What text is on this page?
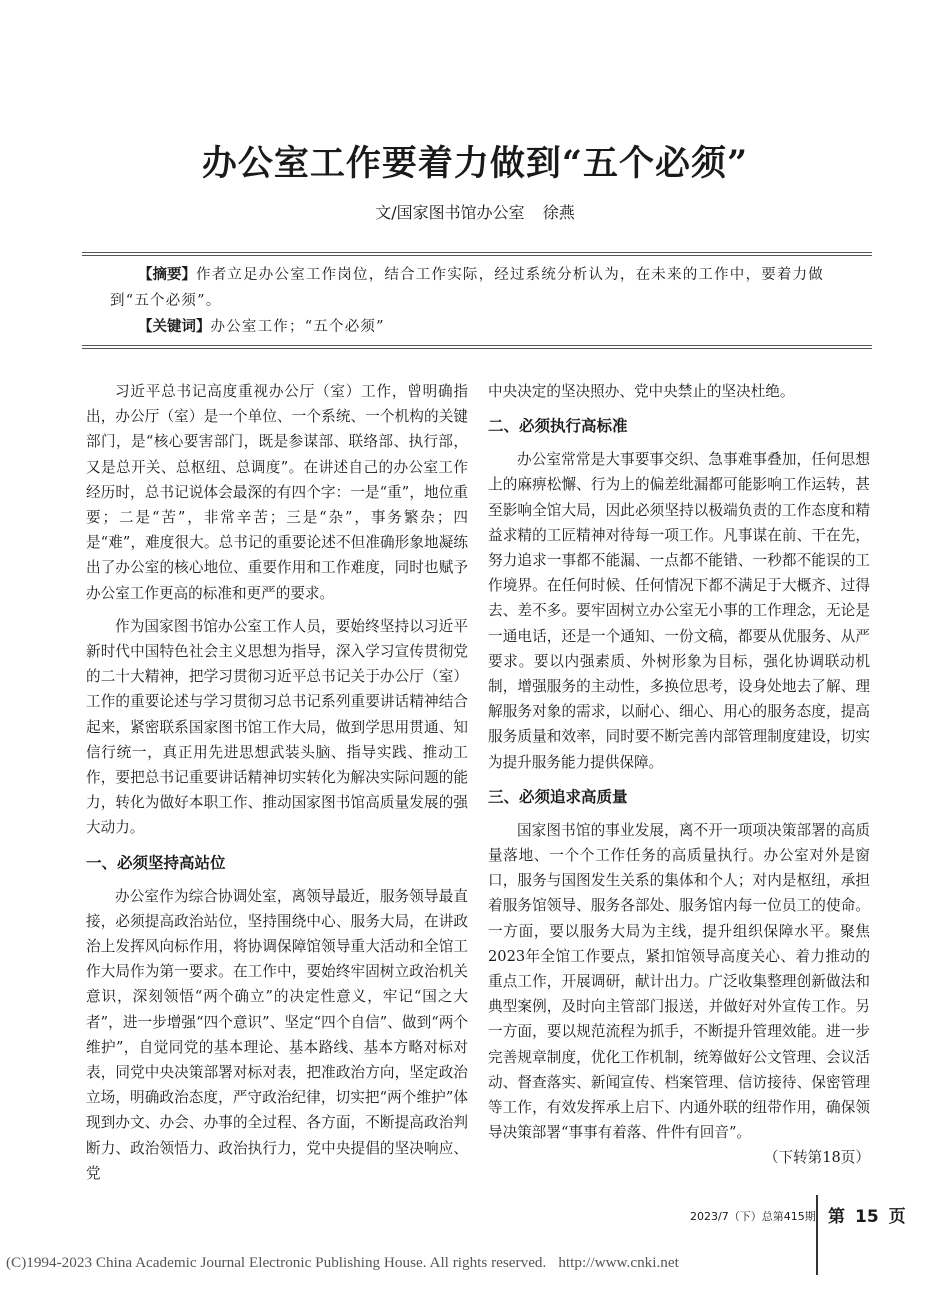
办公室工作要着力做到“五个必须”
文/国家图书馆办公室 徐燕

【摘要】作者立足办公室工作岗位，结合工作实际，经过系统分析认为，在未来的工作中，要着力做到“五个必须”。

【关键词】办公室工作；“五个必须”

习近平总书记高度重视办公厅（室）工作，曾明确指出，办公厅（室）是一个单位、一个系统、一个机构的关键部门，是“核心要害部门，既是参谋部、联络部、执行部，又是总开关、总枢纽、总调度”。在讲述自己的办公室工作经历时，总书记说体会最深的有四个字：一是“重”，地位重要；二是“苦”，非常辛苦；三是“杂”，事务繁杂；四是“难”，难度很大。总书记的重要论述不但准确形象地凝练出了办公室的核心地位、重要作用和工作难度，同时也赋予办公室工作更高的标准和更严的要求。

作为国家图书馆办公室工作人员，要始终坚持以习近平新时代中国特色社会主义思想为指导，深入学习宣传贯彻党的二十大精神，把学习贯彻习近平总书记关于办公厅（室）工作的重要论述与学习贯彻习总书记系列重要讲话精神结合起来，紧密联系国家图书馆工作大局，做到学思用贯通、知信行统一，真正用先进思想武装头脑、指导实践、推动工作，要把总书记重要讲话精神切实转化为解决实际问题的能力，转化为做好本职工作、推动国家图书馆高质量发展的强大动力。

一、必须坚持高站位

办公室作为综合协调处室，离领导最近，服务领导最直接，必须提高政治站位，坚持围绕中心、服务大局，在讲政治上发挥风向标作用，将协调保障馆领导重大活动和全馆工作大局作为第一要求。在工作中，要始终牢固树立政治机关意识，深刻领悟“两个确立”的决定性意义，牢记“国之大者”，进一步增强“四个意识”、坚定“四个自信”、做到“两个维护”，自觉同党的基本理论、基本路线、基本方略对标对表，同党中央决策部署对标对表，把准政治方向，坚定政治立场，明确政治态度，严守政治纪律，切实把“两个维护”体现到办文、办会、办事的全过程、各方面，不断提高政治判断力、政治领悟力、政治执行力，党中央提倡的坚决响应、党

中央决定的坚决照办、党中央禁止的坚决杜绝。

二、必须执行高标准

办公室常常是大事要事交织、急事难事叠加，任何思想上的麻痹松懈、行为上的偏差纰漏都可能影响工作运转，甚至影响全馆大局，因此必须坚持以极端负责的工作态度和精益求精的工匠精神对待每一项工作。凡事谋在前、干在先，努力追求一事都不能漏、一点都不能错、一秒都不能误的工作境界。在任何时候、任何情况下都不满足于大概齐、过得去、差不多。要牢固树立办公室无小事的工作理念，无论是一通电话，还是一个通知、一份文稿，都要从优服务、从严要求。要以内强素质、外树形象为目标，强化协调联动机制，增强服务的主动性，多换位思考，设身处地去了解、理解服务对象的需求，以耐心、细心、用心的服务态度，提高服务质量和效率，同时要不断完善内部管理制度建设，切实为提升服务能力提供保障。

三、必须追求高质量

国家图书馆的事业发展，离不开一项项决策部署的高质量落地、一个个工作任务的高质量执行。办公室对外是窗口，服务与国图发生关系的集体和个人；对内是枢纽，承担着服务馆领导、服务各部处、服务馆内每一位员工的使命。一方面，要以服务大局为主线，提升组织保障水平。聚焦2023年全馆工作要点，紧扣馆领导高度关心、着力推动的重点工作，开展调研，献计出力。广泛收集整理创新做法和典型案例，及时向主管部门报送，并做好对外宣传工作。另一方面，要以规范流程为抓手，不断提升管理效能。进一步完善规章制度，优化工作机制，统筹做好公文管理、会议活动、督查落实、新闻宣传、档案管理、信访接待、保密管理等工作，有效发挥承上启下、内通外联的纽带作用，确保领导决策部署“事事有着落、件件有回音”。
（下转第18页）

2023/7（下）总第415期 第 15 页
(C)1994-2023 China Academic Journal Electronic Publishing House. All rights reserved. http://www.cnki.net
